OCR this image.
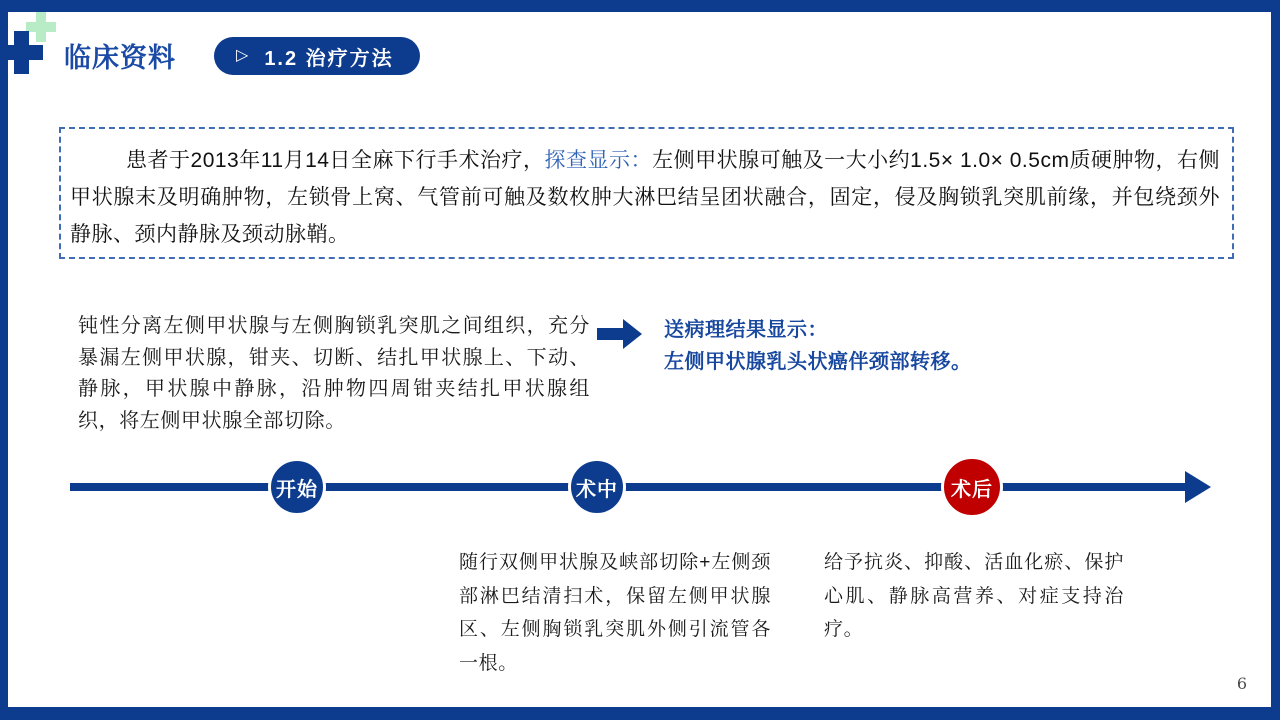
临床资料	▷ 1.2 治疗方法

患者于2013年11月14日全麻下行手术治疗，探查显示：左侧甲状腺可触及一大小约1.5× 1.0× 0.5cm质硬肿物，右侧甲状腺末及明确肿物，左锁骨上窝、气管前可触及数枚肿大淋巴结呈团状融合，固定，侵及胸锁乳突肌前缘，并包绕颈外静脉、颈内静脉及颈动脉鞘。

钝性分离左侧甲状腺与左侧胸锁乳突肌之间组织，充分暴漏左侧甲状腺，钳夹、切断、结扎甲状腺上、下动、静脉，甲状腺中静脉，沿肿物四周钳夹结扎甲状腺组织，将左侧甲状腺全部切除。

送病理结果显示：

左侧甲状腺乳头状癌伴颈部转移。

开始	术中	术后

随行双侧甲状腺及峡部切除+左侧颈部淋巴结清扫术，保留左侧甲状腺区、左侧胸锁乳突肌外侧引流管各一根。

给予抗炎、抑酸、活血化瘀、保护心肌、静脉高营养、对症支持治疗。

6
